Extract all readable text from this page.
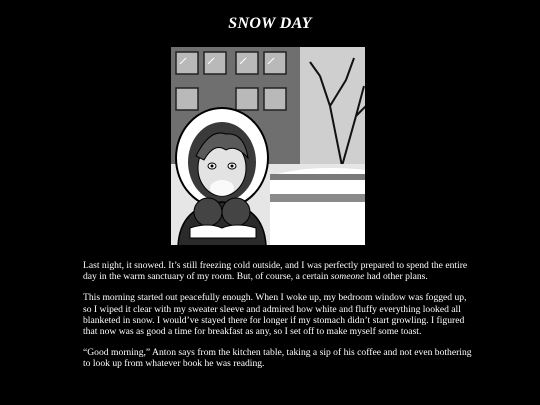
SNOW DAY

Last night, it snowed. It’s still freezing cold outside, and I was perfectly prepared to spend the entire day in the warm sanctuary of my room. But, of course, a certain someone had other plans.

This morning started out peacefully enough. When I woke up, my bedroom window was fogged up, so I wiped it clear with my sweater sleeve and admired how white and fluffy everything looked all blanketed in snow. I would’ve stayed there for longer if my stomach didn’t start growling. I figured that now was as good a time for breakfast as any, so I set off to make myself some toast.

“Good morning,” Anton says from the kitchen table, taking a sip of his coffee and not even bothering to look up from whatever book he was reading.
